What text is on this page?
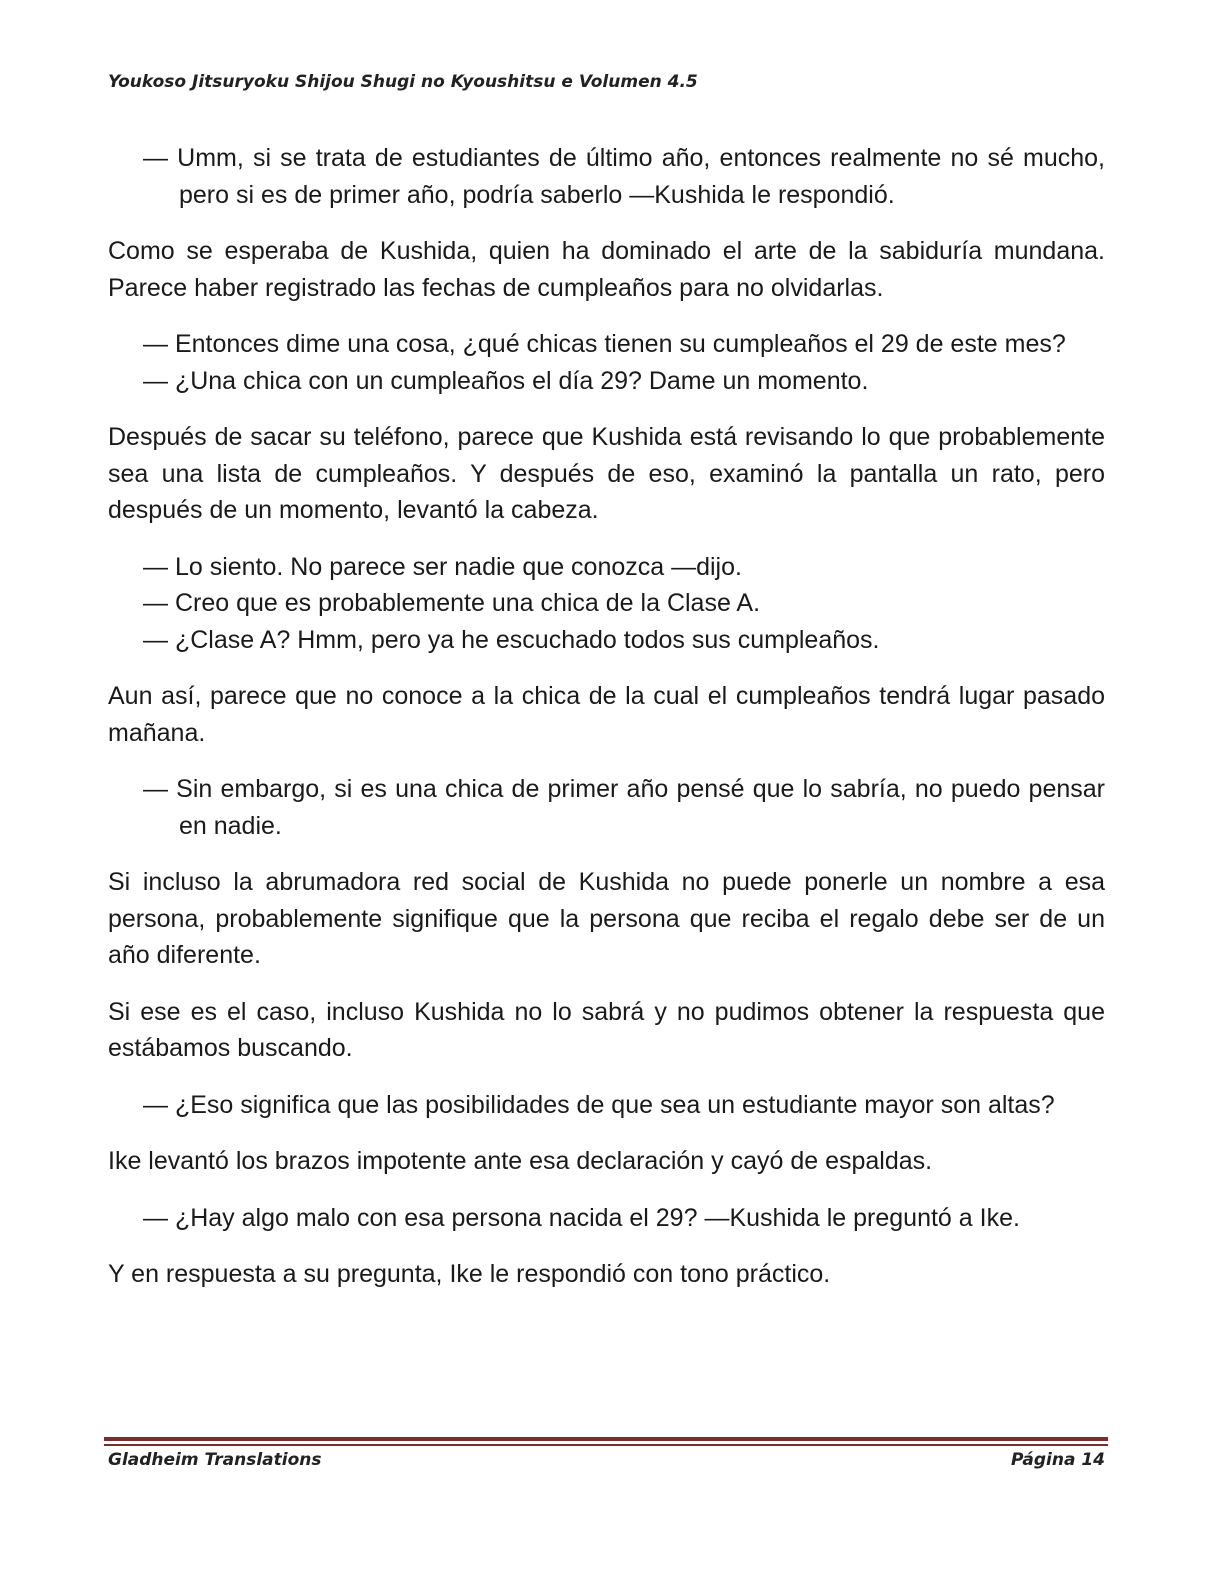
Youkoso Jitsuryoku Shijou Shugi no Kyoushitsu e Volumen 4.5

— Umm, si se trata de estudiantes de último año, entonces realmente no sé mucho, pero si es de primer año, podría saberlo —Kushida le respondió.

Como se esperaba de Kushida, quien ha dominado el arte de la sabiduría mundana. Parece haber registrado las fechas de cumpleaños para no olvidarlas.

— Entonces dime una cosa, ¿qué chicas tienen su cumpleaños el 29 de este mes?

— ¿Una chica con un cumpleaños el día 29? Dame un momento.

Después de sacar su teléfono, parece que Kushida está revisando lo que probablemente sea una lista de cumpleaños. Y después de eso, examinó la pantalla un rato, pero después de un momento, levantó la cabeza.

— Lo siento. No parece ser nadie que conozca —dijo.

— Creo que es probablemente una chica de la Clase A.

— ¿Clase A? Hmm, pero ya he escuchado todos sus cumpleaños.

Aun así, parece que no conoce a la chica de la cual el cumpleaños tendrá lugar pasado mañana.

— Sin embargo, si es una chica de primer año pensé que lo sabría, no puedo pensar en nadie.

Si incluso la abrumadora red social de Kushida no puede ponerle un nombre a esa persona, probablemente signifique que la persona que reciba el regalo debe ser de un año diferente.

Si ese es el caso, incluso Kushida no lo sabrá y no pudimos obtener la respuesta que estábamos buscando.

— ¿Eso significa que las posibilidades de que sea un estudiante mayor son altas?

Ike levantó los brazos impotente ante esa declaración y cayó de espaldas.

— ¿Hay algo malo con esa persona nacida el 29? —Kushida le preguntó a Ike.

Y en respuesta a su pregunta, Ike le respondió con tono práctico.

Gladheim Translations	Página 14
